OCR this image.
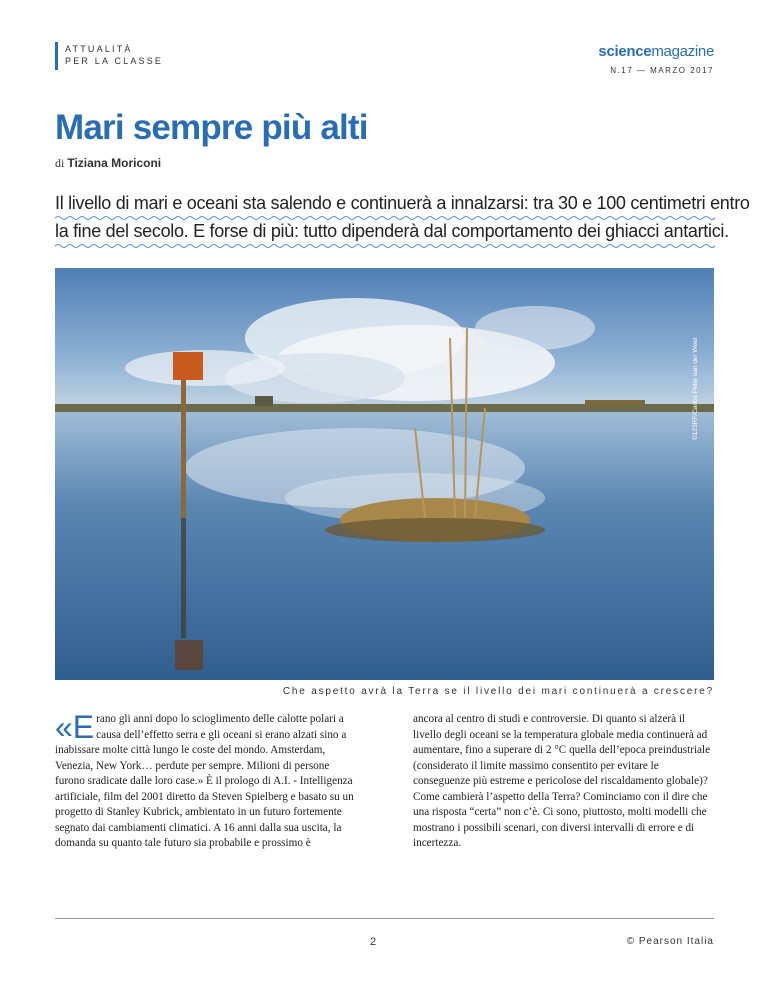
ATTUALITÀ
PER LA CLASSE
sciencemagazine
N.17 — MARZO 2017
Mari sempre più alti
di Tiziana Moriconi
Il livello di mari e oceani sta salendo e continuerà a innalzarsi: tra 30 e 100 centimetri entro
la fine del secolo. E forse di più: tutto dipenderà dal comportamento dei ghiacci antartici.
©123RF/Carlos Peter van der Weel
Che aspetto avrà la Terra se il livello dei mari continuerà a crescere?
«E rano gli anni dopo lo scioglimento delle calotte polari a causa dell’effetto serra e gli oceani si erano alzati sino a inabissare molte città lungo le coste del mondo. Amsterdam, Venezia, New York… perdute per sempre. Milioni di persone furono sradicate dalle loro case.» È il prologo di A.I. - Intelligenza artificiale, film del 2001 diretto da Steven Spielberg e basato su un progetto di Stanley Kubrick, ambientato in un futuro fortemente segnato dai cambiamenti climatici. A 16 anni dalla sua uscita, la domanda su quanto tale futuro sia probabile e prossimo è

ancora al centro di studi e controversie. Di quanto si alzerà il livello degli oceani se la temperatura globale media continuerà ad aumentare, fino a superare di 2 °C quella dell’epoca preindustriale (considerato il limite massimo consentito per evitare le conseguenze più estreme e pericolose del riscaldamento globale)? Come cambierà l’aspetto della Terra? Cominciamo con il dire che una risposta “certa” non c’è. Ci sono, piuttosto, molti modelli che mostrano i possibili scenari, con diversi intervalli di errore e di incertezza.

2	© Pearson Italia
